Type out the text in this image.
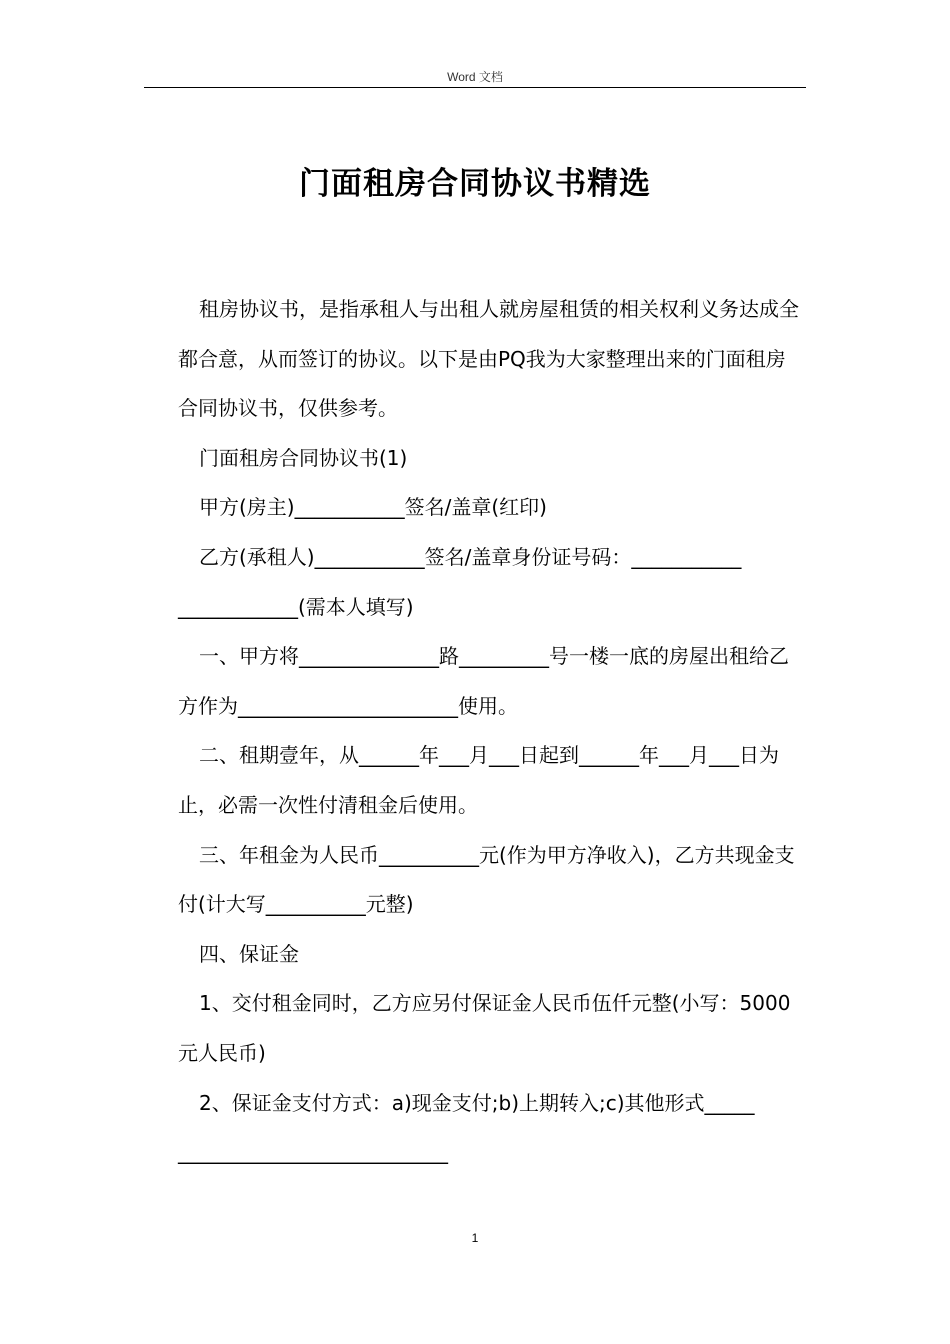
Word 文档
门面租房合同协议书精选

租房协议书，是指承租人与出租人就房屋租赁的相关权利义务达成全都合意，从而签订的协议。以下是由PQ我为大家整理出来的门面租房合同协议书，仅供参考。

门面租房合同协议书(1)

甲方(房主)___________签名/盖章(红印)

乙方(承租人)___________签名/盖章身份证号码：___________

____________(需本人填写)

一、甲方将______________路_________号一楼一底的房屋出租给乙方作为______________________使用。

二、租期壹年，从______年___月___日起到______年___月___日为止，必需一次性付清租金后使用。

三、年租金为人民币__________元(作为甲方净收入)，乙方共现金支付(计大写__________元整)

四、保证金

1、交付租金同时，乙方应另付保证金人民币伍仟元整(小写：5000元人民币)

2、保证金支付方式：a)现金支付;b)上期转入;c)其他形式_____

___________________________

1
